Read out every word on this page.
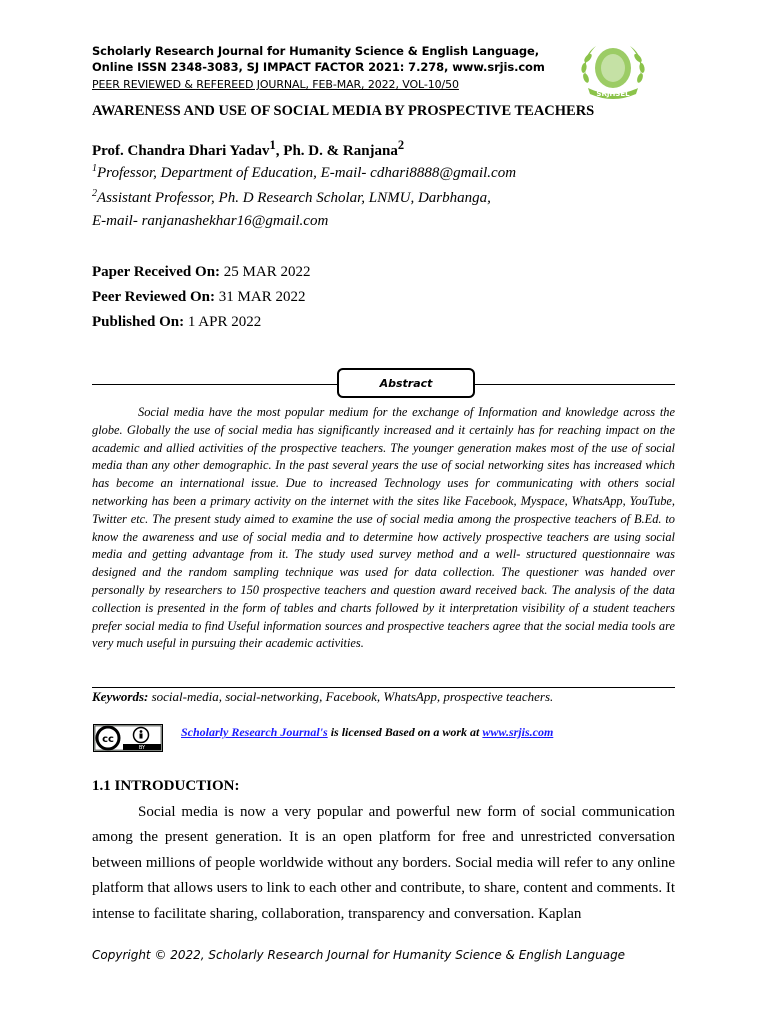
Scholarly Research Journal for Humanity Science & English Language,
Online ISSN 2348-3083, SJ IMPACT FACTOR 2021: 7.278, www.srjis.com
PEER REVIEWED & REFEREED JOURNAL, FEB-MAR, 2022, VOL-10/50
SRJHSEL
AWARENESS AND USE OF SOCIAL MEDIA BY PROSPECTIVE TEACHERS
Prof. Chandra Dhari Yadav$^1$, Ph. D. & Ranjana$^2$
$^1$Professor, Department of Education, E-mail- cdhari8888@gmail.com
$^2$Assistant Professor, Ph. D Research Scholar, LNMU, Darbhanga,
E-mail- ranjanashekhar16@gmail.com
Paper Received On: 25 MAR 2022
Peer Reviewed On: 31 MAR 2022
Published On: 1 APR 2022
Abstract

Social media have the most popular medium for the exchange of Information and knowledge across the globe. Globally the use of social media has significantly increased and it certainly has for reaching impact on the academic and allied activities of the prospective teachers. The younger generation makes most of the use of social media than any other demographic. In the past several years the use of social networking sites has increased which has become an international issue. Due to increased Technology uses for communicating with others social networking has been a primary activity on the internet with the sites like Facebook, Myspace, WhatsApp, YouTube, Twitter etc. The present study aimed to examine the use of social media among the prospective teachers of B.Ed. to know the awareness and use of social media and to determine how actively prospective teachers are using social media and getting advantage from it. The study used survey method and a well- structured questionnaire was designed and the random sampling technique was used for data collection. The questioner was handed over personally by researchers to 150 prospective teachers and question award received back. The analysis of the data collection is presented in the form of tables and charts followed by it interpretation visibility of a student teachers prefer social media to find Useful information sources and prospective teachers agree that the social media tools are very much useful in pursuing their academic activities.

Keywords: social-media, social-networking, Facebook, WhatsApp, prospective teachers.
cc
BY
Scholarly Research Journal's is licensed Based on a work at www.srjis.com
1.1 INTRODUCTION:

Social media is now a very popular and powerful new form of social communication among the present generation. It is an open platform for free and unrestricted conversation between millions of people worldwide without any borders. Social media will refer to any online platform that allows users to link to each other and contribute, to share, content and comments. It intense to facilitate sharing, collaboration, transparency and conversation. Kaplan

Copyright © 2022, Scholarly Research Journal for Humanity Science & English Language
